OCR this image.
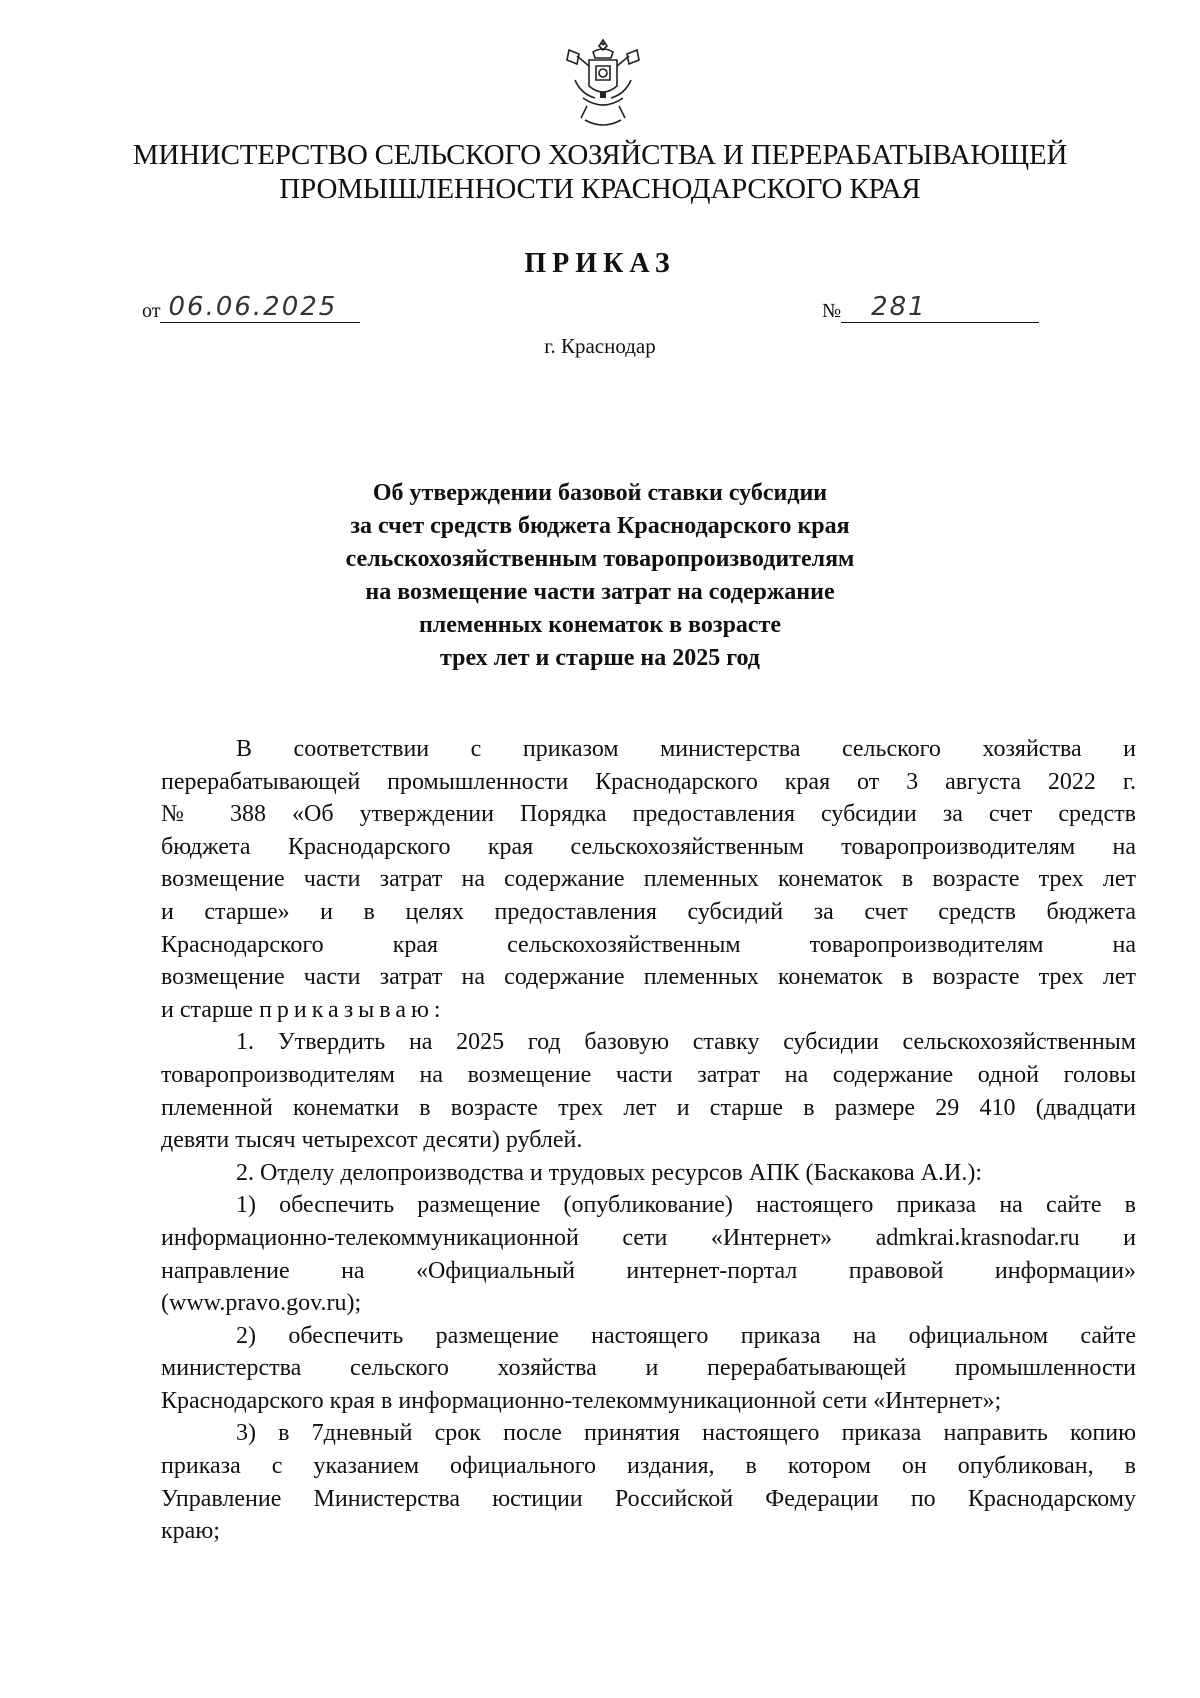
МИНИСТЕРСТВО СЕЛЬСКОГО ХОЗЯЙСТВА И ПЕРЕРАБАТЫВАЮЩЕЙ
ПРОМЫШЛЕННОСТИ КРАСНОДАРСКОГО КРАЯ
ПРИКАЗ
от 06.06.2025	№ 281
г. Краснодар
Об утверждении базовой ставки субсидии
за счет средств бюджета Краснодарского края
сельскохозяйственным товаропроизводителям
на возмещение части затрат на содержание
племенных конематок в возрасте
трех лет и старше на 2025 год
В соответствии с приказом министерства сельского хозяйства и
перерабатывающей промышленности Краснодарского края от 3 августа 2022 г.
№ 388 «Об утверждении Порядка предоставления субсидии за счет средств
бюджета Краснодарского края сельскохозяйственным товаропроизводителям на
возмещение части затрат на содержание племенных конематок в возрасте трех лет
и старше» и в целях предоставления субсидий за счет средств бюджета
Краснодарского края сельскохозяйственным товаропроизводителям на
возмещение части затрат на содержание племенных конематок в возрасте трех лет
и старше приказываю:
1. Утвердить на 2025 год базовую ставку субсидии сельскохозяйственным
товаропроизводителям на возмещение части затрат на содержание одной головы
племенной конематки в возрасте трех лет и старше в размере 29 410 (двадцати
девяти тысяч четырехсот десяти) рублей.
2. Отделу делопроизводства и трудовых ресурсов АПК (Баскакова А.И.):
1) обеспечить размещение (опубликование) настоящего приказа на сайте в
информационно-телекоммуникационной сети «Интернет» admkrai.krasnodar.ru и
направление на «Официальный интернет-портал правовой информации»
(www.pravo.gov.ru);
2) обеспечить размещение настоящего приказа на официальном сайте
министерства сельского хозяйства и перерабатывающей промышленности
Краснодарского края в информационно-телекоммуникационной сети «Интернет»;
3) в 7дневный срок после принятия настоящего приказа направить копию
приказа с указанием официального издания, в котором он опубликован, в
Управление Министерства юстиции Российской Федерации по Краснодарскому
краю;
